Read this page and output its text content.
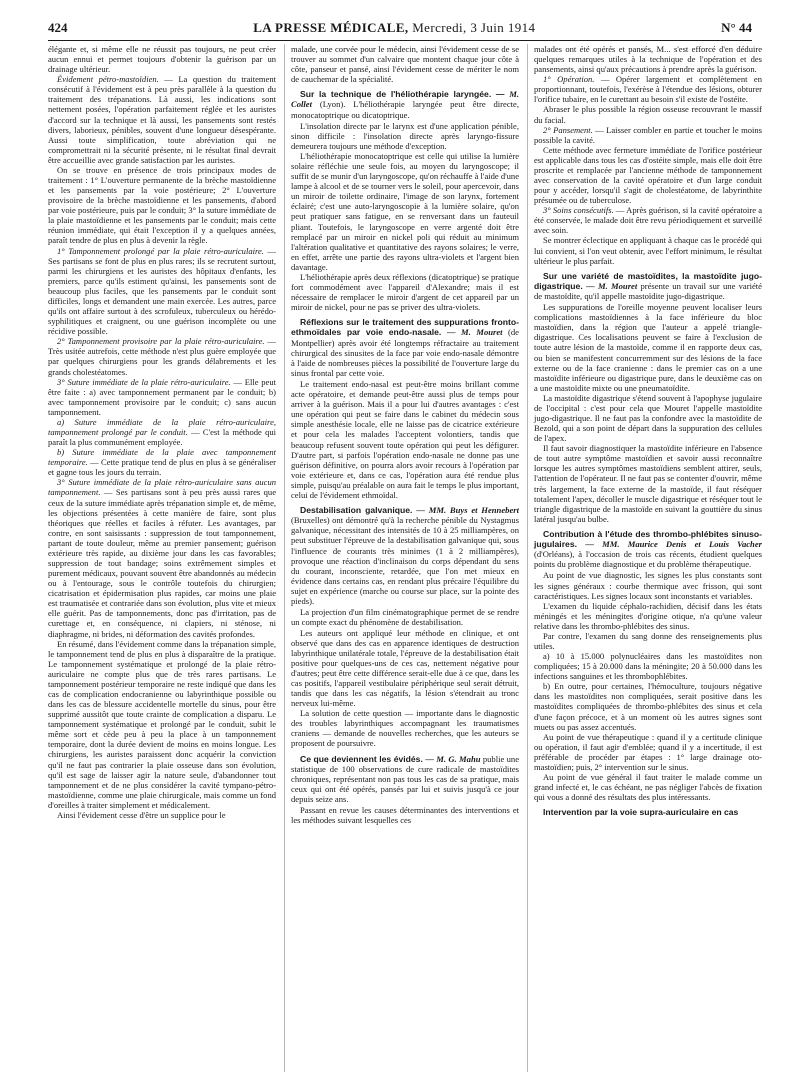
424	LA PRESSE MÉDICALE, Mercredi, 3 Juin 1914	N° 44

élégante et, si même elle ne réussit pas toujours, ne peut créer aucun ennui et permet toujours d'obtenir la guérison par un drainage ultérieur.

Évidement pétro-mastoïdien. — La question du traitement consécutif à l'évidement est à peu près parallèle à la question du traitement des trépanations. Là aussi, les indications sont nettement posées, l'opération parfaitement réglée et les auristes d'accord sur la technique et là aussi, les pansements sont restés divers, laborieux, pénibles, souvent d'une longueur désespérante. Aussi toute simplification, toute abréviation qui ne compromettrait ni la sécurité présente, ni le résultat final devrait être accueillie avec grande satisfaction par les auristes.

On se trouve en présence de trois principaux modes de traitement : 1° L'ouverture permanente de la brèche mastoïdienne et les pansements par la voie postérieure; 2° L'ouverture provisoire de la brèche mastoïdienne et les pansements, d'abord par voie postérieure, puis par le conduit; 3° la suture immédiate de la plaie mastoïdienne et les pansements par le conduit; mais cette réunion immédiate, qui était l'exception il y a quelques années, paraît tendre de plus en plus à devenir la règle.

1° Tamponnement prolongé par la plaie rétro-auriculaire. — Ses partisans se font de plus en plus rares; ils se recrutent surtout, parmi les chirurgiens et les auristes des hôpitaux d'enfants, les premiers, parce qu'ils estiment qu'ainsi, les pansements sont de beaucoup plus faciles, que les pansements par le conduit sont difficiles, longs et demandent une main exercée. Les autres, parce qu'ils ont affaire surtout à des scrofuleux, tuberculeux ou hérédo-syphilitiques et craignent, ou une guérison incomplète ou une récidive possible.

2° Tamponnement provisoire par la plaie rétro-auriculaire. — Très usitée autrefois, cette méthode n'est plus guère employée que par quelques chirurgiens pour les grands délabrements et les grands cholestéatomes.

3° Suture immédiate de la plaie rétro-auriculaire. — Elle peut être faite : a) avec tamponnement permanent par le conduit; b) avec tamponnement provisoire par le conduit; c) sans aucun tamponnement.

a) Suture immédiate de la plaie rétro-auriculaire, tamponnement prolongé par le conduit. — C'est la méthode qui paraît la plus communément employée.

b) Suture immédiate de la plaie avec tamponnement temporaire. — Cette pratique tend de plus en plus à se généraliser et gagne tous les jours du terrain.

3° Suture immédiate de la plaie rétro-auriculaire sans aucun tamponnement. — Ses partisans sont à peu près aussi rares que ceux de la suture immédiate après trépanation simple et, de même, les objections présentées à cette manière de faire, sont plus théoriques que réelles et faciles à réfuter. Les avantages, par contre, en sont saisissants : suppression de tout tamponnement, partant de toute douleur, même au premier pansement; guérison extérieure très rapide, au dixième jour dans les cas favorables; suppression de tout bandage; soins extrêmement simples et purement médicaux, pouvant souvent être abandonnés au médecin ou à l'entourage, sous le contrôle toutefois du chirurgien; cicatrisation et épidermisation plus rapides, car moins une plaie est traumatisée et contrariée dans son évolution, plus vite et mieux elle guérit. Pas de tamponnements, donc pas d'irritation, pas de curettage et, en conséquence, ni clapiers, ni sténose, ni diaphragme, ni brides, ni déformation des cavités profondes.

En résumé, dans l'évidement comme dans la trépanation simple, le tamponnement tend de plus en plus à disparaître de la pratique. Le tamponnement systématique et prolongé de la plaie rétro-auriculaire ne compte plus que de très rares partisans. Le tamponnement postérieur temporaire ne reste indiqué que dans les cas de complication endocranienne ou labyrinthique possible ou dans les cas de blessure accidentelle mortelle du sinus, pour être supprimé aussitôt que toute crainte de complication a disparu. Le tamponnement systématique et prolongé par le conduit, subit le même sort et cède peu à peu la place à un tamponnement temporaire, dont la durée devient de moins en moins longue. Les chirurgiens, les auristes paraissent donc acquérir la conviction qu'il ne faut pas contrarier la plaie osseuse dans son évolution, qu'il est sage de laisser agir la nature seule, d'abandonner tout tamponnement et de ne plus considérer la cavité tympano-pétro-mastoïdienne, comme une plaie chirurgicale, mais comme un fond d'oreilles à traiter simplement et médicalement.

Ainsi l'évidement cesse d'être un supplice pour le

malade, une corvée pour le médecin, ainsi l'évidement cesse de se trouver au sommet d'un calvaire que montent chaque jour côte à côte, panseur et pansé, ainsi l'évidement cesse de mériter le nom de cauchemar de la spécialité.

Sur la technique de l'héliothérapie laryngée. — M. Collet (Lyon). L'héliothérapie laryngée peut être directe, monocatoptrique ou dicatoptrique.

L'insolation directe par le larynx est d'une application pénible, sinon difficile : l'insolation directe après laryngo-fissure demeurera toujours une méthode d'exception.

L'héliothérapie monocatoptrique est celle qui utilise la lumière solaire réfléchie une seule fois, au moyen du laryngoscope; il suffit de se munir d'un laryngoscope, qu'on réchauffe à l'aide d'une lampe à alcool et de se tourner vers le soleil, pour apercevoir, dans un miroir de toilette ordinaire, l'image de son larynx, fortement éclairé; c'est une auto-laryngoscopie à la lumière solaire, qu'on peut pratiquer sans fatigue, en se renversant dans un fauteuil pliant. Toutefois, le laryngoscope en verre argenté doit être remplacé par un miroir en nickel poli qui réduit au minimum l'altération qualitative et quantitative des rayons solaires; le verre, en effet, arrête une partie des rayons ultra-violets et l'argent bien davantage.

L'héliothérapie après deux réflexions (dicatoptrique) se pratique fort commodément avec l'appareil d'Alexandre; mais il est nécessaire de remplacer le miroir d'argent de cet appareil par un miroir de nickel, pour ne pas se priver des ultra-violets.

Réflexions sur le traitement des suppurations fronto-ethmoïdales par voie endo-nasale. — M. Mouret (de Montpellier) après avoir été longtemps réfractaire au traitement chirurgical des sinusites de la face par voie endo-nasale démontre à l'aide de nombreuses pièces la possibilité de l'ouverture large du sinus frontal par cette voie.

Le traitement endo-nasal est peut-être moins brillant comme acte opératoire, et demande peut-être aussi plus de temps pour arriver à la guérison. Mais il a pour lui d'autres avantages : c'est une opération qui peut se faire dans le cabinet du médecin sous simple anesthésie locale, elle ne laisse pas de cicatrice extérieure et pour cela les malades l'acceptent volontiers, tandis que beaucoup refusent souvent toute opération qui peut les défigurer. D'autre part, si parfois l'opération endo-nasale ne donne pas une guérison définitive, on pourra alors avoir recours à l'opération par voie extérieure et, dans ce cas, l'opération aura été rendue plus simple, puisqu'au préalable on aura fait le temps le plus important, celui de l'évidement ethmoïdal.

Destabilisation galvanique. — MM. Buys et Hennebert (Bruxelles) ont démontré qu'à la recherche pénible du Nystagmus galvanique, nécessitant des intensités de 10 à 25 milliampères, on peut substituer l'épreuve de la destabilisation galvanique qui, sous l'influence de courants très minimes (1 à 2 milliampères), provoque une réaction d'inclinaison du corps dépendant du sens du courant, inconsciente, retardée, que l'on met mieux en évidence dans certains cas, en rendant plus précaire l'équilibre du sujet en expérience (marche ou course sur place, sur la pointe des pieds).

La projection d'un film cinématographique permet de se rendre un compte exact du phénomène de destabilisation.

Les auteurs ont appliqué leur méthode en clinique, et ont observé que dans des cas en apparence identiques de destruction labyrinthique unilatérale totale, l'épreuve de la destabilisation était positive pour quelques-uns de ces cas, nettement négative pour d'autres; peut être cette différence serait-elle due à ce que, dans les cas positifs, l'appareil vestibulaire périphérique seul serait détruit, tandis que dans les cas négatifs, la lésion s'étendrait au tronc nerveux lui-même.

La solution de cette question — importante dans le diagnostic des troubles labyrinthiques accompagnant les traumatismes craniens — demande de nouvelles recherches, que les auteurs se proposent de poursuivre.

Ce que deviennent les évidés. — M. G. Mahu publie une statistique de 100 observations de cure radicale de mastoïdites chroniques, représentant non pas tous les cas de sa pratique, mais ceux qui ont été opérés, pansés par lui et suivis jusqu'à ce jour depuis seize ans.

Passant en revue les causes déterminantes des interventions et les méthodes suivant lesquelles ces

malades ont été opérés et pansés, M... s'est efforcé d'en déduire quelques remarques utiles à la technique de l'opération et des pansements, ainsi qu'aux précautions à prendre après la guérison.

1° Opération. — Opérer largement et complètement en proportionnant, toutefois, l'exérèse à l'étendue des lésions, obturer l'orifice tubaire, en le curettant au besoin s'il existe de l'ostéite.

Abraser le plus possible la région osseuse recouvrant le massif du facial.

2° Pansement. — Laisser combler en partie et toucher le moins possible la cavité.

Cette méthode avec fermeture immédiate de l'orifice postérieur est applicable dans tous les cas d'ostéite simple, mais elle doit être proscrite et remplacée par l'ancienne méthode de tamponnement avec conservation de la cavité opératoire et d'un large conduit pour y accéder, lorsqu'il s'agit de cholestéatome, de labyrinthite présumée ou de tuberculose.

3° Soins consécutifs. — Après guérison, si la cavité opératoire a été conservée, le malade doit être revu périodiquement et surveillé avec soin.

Se montrer éclectique en appliquant à chaque cas le procédé qui lui convient, si l'on veut obtenir, avec l'effort minimum, le résultat ultérieur le plus parfait.

Sur une variété de mastoïdites, la mastoïdite jugo-digastrique. — M. Mouret présente un travail sur une variété de mastoïdite, qu'il appelle mastoïdite jugo-digastrique.

Les suppurations de l'oreille moyenne peuvent localiser leurs complications mastoïdiennes à la face inférieure du bloc mastoïdien, dans la région que l'auteur a appelé triangle-digastrique. Ces localisations peuvent se faire à l'exclusion de toute autre lésion de la mastoïde, comme il en rapporte deux cas, ou bien se manifestent concurremment sur des lésions de la face externe ou de la face cranienne : dans le premier cas on a une mastoïdite inférieure ou digastrique pure, dans le deuxième cas on a une mastoïdite mixte ou une pneumatoïdite.

La mastoïdite digastrique s'étend souvent à l'apophyse jugulaire de l'occipital : c'est pour cela que Mouret l'appelle mastoïdite jugo-digastrique. Il ne faut pas la confondre avec la mastoïdite de Bezold, qui a son point de départ dans la suppuration des cellules de l'apex.

Il faut savoir diagnostiquer la mastoïdite inférieure en l'absence de tout autre symptôme mastoïdien et savoir aussi reconnaître lorsque les autres symptômes mastoïdiens semblent attirer, seuls, l'attention de l'opérateur. Il ne faut pas se contenter d'ouvrir, même très largement, la face externe de la mastoïde, il faut réséquer totalement l'apex, décoller le muscle digastrique et réséquer tout le triangle digastrique de la mastoïde en suivant la gouttière du sinus latéral jusqu'au bulbe.

Contribution à l'étude des thrombo-phlébites sinuso-jugulaires. — MM. Maurice Denis et Louis Vacher (d'Orléans), à l'occasion de trois cas récents, étudient quelques points du problème diagnostique et du problème thérapeutique.

Au point de vue diagnostic, les signes les plus constants sont les signes généraux : courbe thermique avec frisson, qui sont caractéristiques. Les signes locaux sont inconstants et variables.

L'examen du liquide céphalo-rachidien, décisif dans les états méningés et les méningites d'origine otique, n'a qu'une valeur relative dans les thrombo-phlébites des sinus.

Par contre, l'examen du sang donne des renseignements plus utiles.

a) 10 à 15.000 polynucléaires dans les mastoïdites non compliquées; 15 à 20.000 dans la méningite; 20 à 50.000 dans les infections sanguines et les thrombophlébites.

b) En outre, pour certaines, l'hémoculture, toujours négative dans les mastoïdites non compliquées, serait positive dans les mastoïdites compliquées de thrombo-phlébites des sinus et cela d'une façon précoce, et à un moment où les autres signes sont muets ou pas assez accentués.

Au point de vue thérapeutique : quand il y a certitude clinique ou opération, il faut agir d'emblée; quand il y a incertitude, il est préférable de procéder par étapes : 1° large drainage oto-mastoïdien; puis, 2° intervention sur le sinus.

Au point de vue général il faut traiter le malade comme un grand infecté et, le cas échéant, ne pas négliger l'abcès de fixation qui vous a donné des résultats des plus intéressants.

Intervention par la voie supra-auriculaire en cas
